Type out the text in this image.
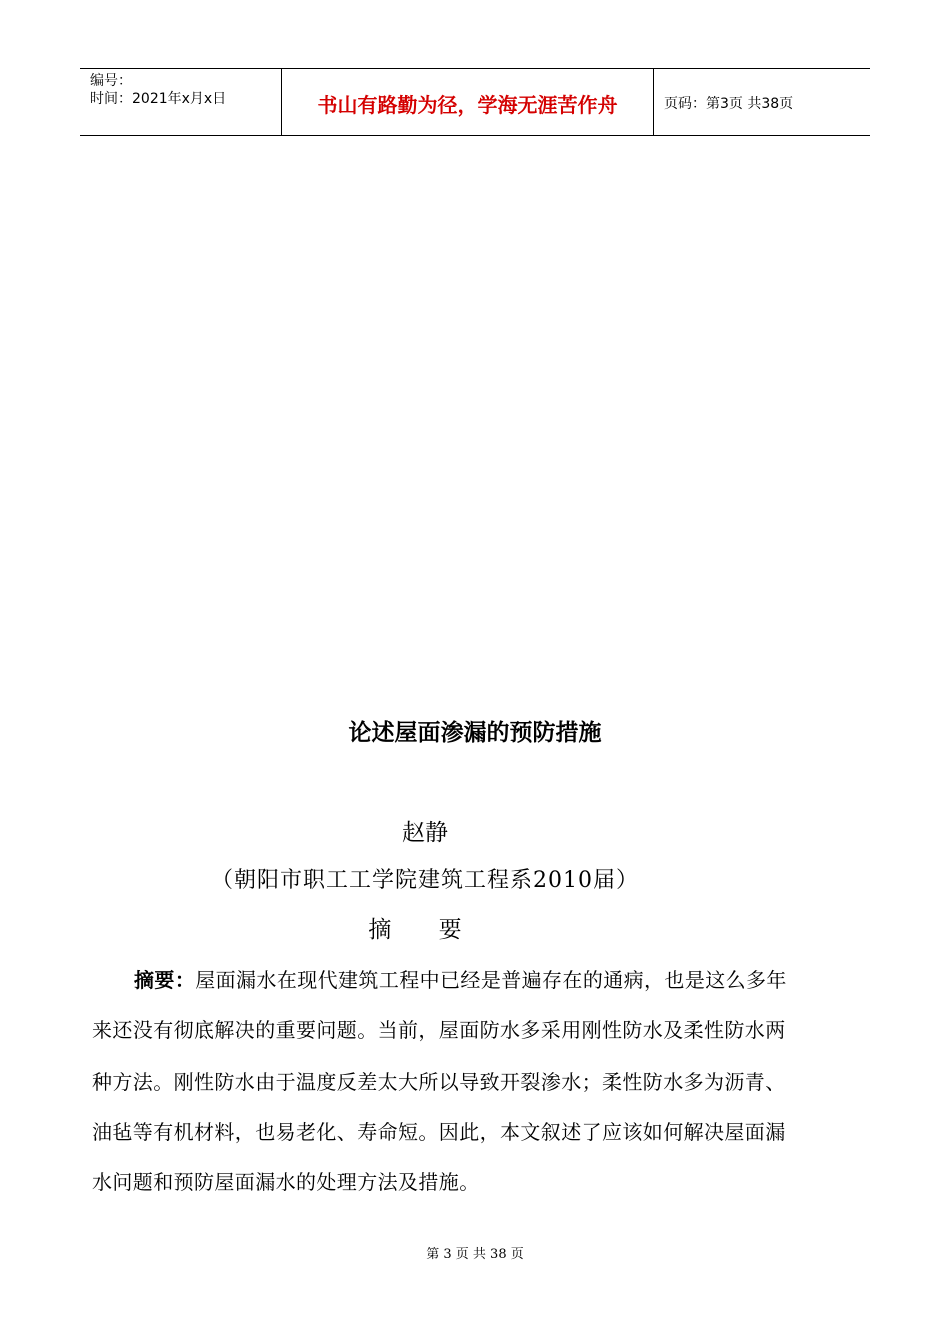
编号：
时间：2021年x月x日	书山有路勤为径，学海无涯苦作舟	页码：第3页 共38页
论述屋面渗漏的预防措施
赵静
（朝阳市职工工学院建筑工程系2010届）
摘 要
摘要：屋面漏水在现代建筑工程中已经是普遍存在的通病，也是这么多年
来还没有彻底解决的重要问题。当前，屋面防水多采用刚性防水及柔性防水两
种方法。刚性防水由于温度反差太大所以导致开裂渗水；柔性防水多为沥青、
油毡等有机材料，也易老化、寿命短。因此，本文叙述了应该如何解决屋面漏
水问题和预防屋面漏水的处理方法及措施。
第 3 页 共 38 页
